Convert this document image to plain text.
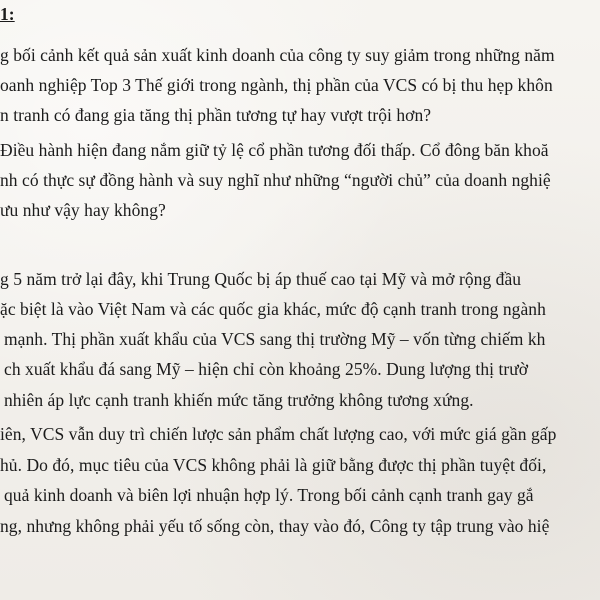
1:

g bối cảnh kết quả sản xuất kinh doanh của công ty suy giảm trong những năm

oanh nghiệp Top 3 Thế giới trong ngành, thị phần của VCS có bị thu hẹp khôn

n tranh có đang gia tăng thị phần tương tự hay vượt trội hơn?

Điều hành hiện đang nắm giữ tỷ lệ cổ phần tương đối thấp. Cổ đông băn khoă

nh có thực sự đồng hành và suy nghĩ như những “người chủ” của doanh nghiệ

ưu như vậy hay không?

g 5 năm trở lại đây, khi Trung Quốc bị áp thuế cao tại Mỹ và mở rộng đầu

ặc biệt là vào Việt Nam và các quốc gia khác, mức độ cạnh tranh trong ngành

mạnh. Thị phần xuất khẩu của VCS sang thị trường Mỹ – vốn từng chiếm kh

ch xuất khẩu đá sang Mỹ – hiện chỉ còn khoảng 25%. Dung lượng thị trườ

nhiên áp lực cạnh tranh khiến mức tăng trưởng không tương xứng.

iên, VCS vẫn duy trì chiến lược sản phẩm chất lượng cao, với mức giá gần gấp

hủ. Do đó, mục tiêu của VCS không phải là giữ bằng được thị phần tuyệt đối,

quả kinh doanh và biên lợi nhuận hợp lý. Trong bối cảnh cạnh tranh gay gắ

ng, nhưng không phải yếu tố sống còn, thay vào đó, Công ty tập trung vào hiệ
